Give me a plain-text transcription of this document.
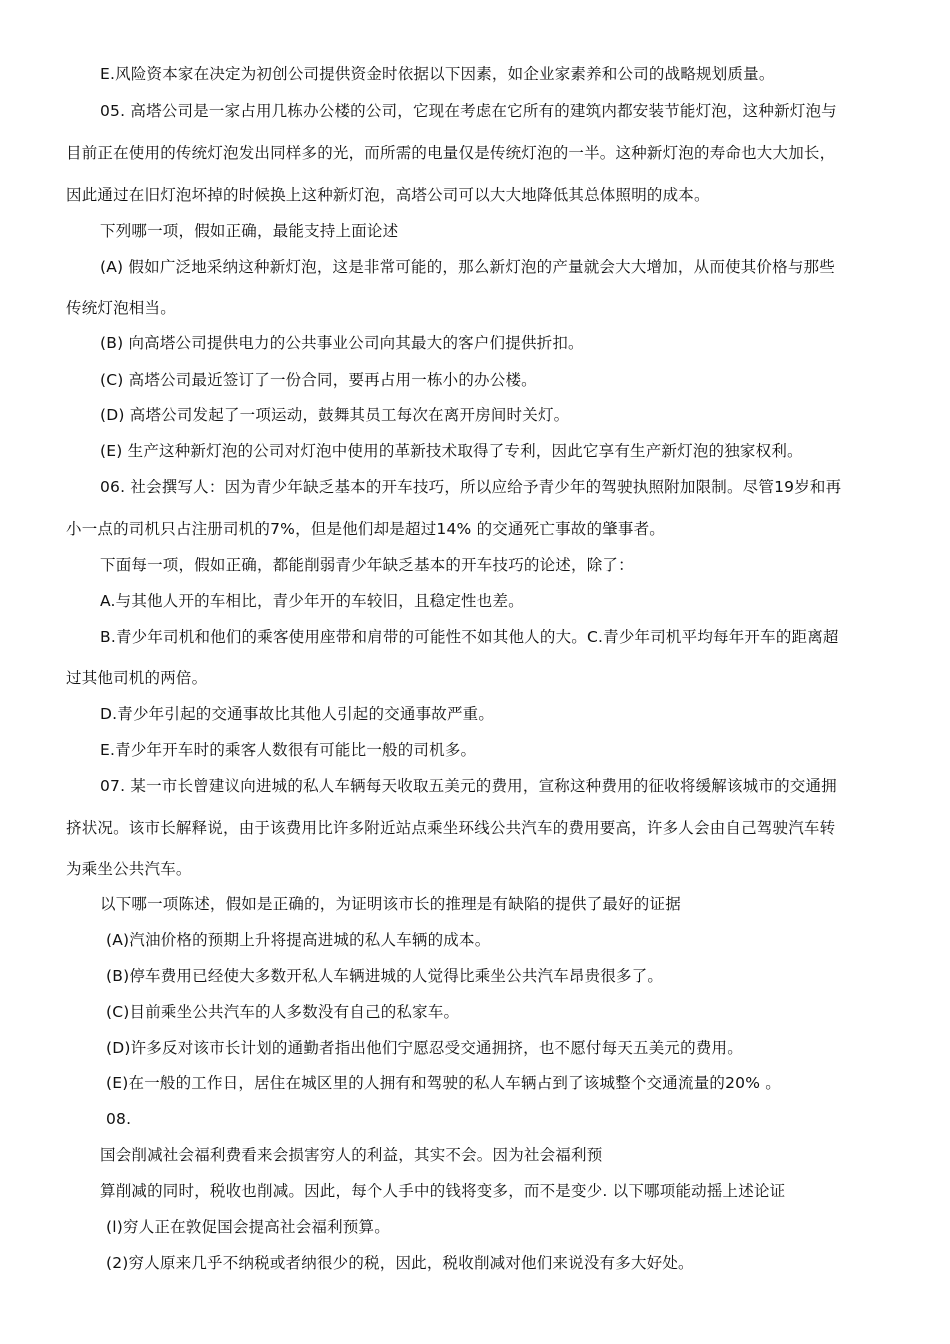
E.风险资本家在决定为初创公司提供资金时依据以下因素，如企业家素养和公司的战略规划质量。
05. 高塔公司是一家占用几栋办公楼的公司，它现在考虑在它所有的建筑内都安装节能灯泡，这种新灯泡与
目前正在使用的传统灯泡发出同样多的光，而所需的电量仅是传统灯泡的一半。这种新灯泡的寿命也大大加长，
因此通过在旧灯泡坏掉的时候换上这种新灯泡，高塔公司可以大大地降低其总体照明的成本。
下列哪一项，假如正确，最能支持上面论述
(A) 假如广泛地采纳这种新灯泡，这是非常可能的，那么新灯泡的产量就会大大增加，从而使其价格与那些
传统灯泡相当。
(B) 向高塔公司提供电力的公共事业公司向其最大的客户们提供折扣。
(C) 高塔公司最近签订了一份合同，要再占用一栋小的办公楼。
(D) 高塔公司发起了一项运动，鼓舞其员工每次在离开房间时关灯。
(E) 生产这种新灯泡的公司对灯泡中使用的革新技术取得了专利，因此它享有生产新灯泡的独家权利。
06. 社会撰写人：因为青少年缺乏基本的开车技巧，所以应给予青少年的驾驶执照附加限制。尽管19岁和再
小一点的司机只占注册司机的7%，但是他们却是超过14% 的交通死亡事故的肇事者。
下面每一项，假如正确，都能削弱青少年缺乏基本的开车技巧的论述，除了：
A.与其他人开的车相比，青少年开的车较旧，且稳定性也差。
B.青少年司机和他们的乘客使用座带和肩带的可能性不如其他人的大。C.青少年司机平均每年开车的距离超
过其他司机的两倍。
D.青少年引起的交通事故比其他人引起的交通事故严重。
E.青少年开车时的乘客人数很有可能比一般的司机多。
07. 某一市长曾建议向进城的私人车辆每天收取五美元的费用，宣称这种费用的征收将缓解该城市的交通拥
挤状况。该市长解释说，由于该费用比许多附近站点乘坐环线公共汽车的费用要高，许多人会由自己驾驶汽车转
为乘坐公共汽车。
以下哪一项陈述，假如是正确的，为证明该市长的推理是有缺陷的提供了最好的证据
(A)汽油价格的预期上升将提高进城的私人车辆的成本。
(B)停车费用已经使大多数开私人车辆进城的人觉得比乘坐公共汽车昂贵很多了。
(C)目前乘坐公共汽车的人多数没有自己的私家车。
(D)许多反对该市长计划的通勤者指出他们宁愿忍受交通拥挤，也不愿付每天五美元的费用。
(E)在一般的工作日，居住在城区里的人拥有和驾驶的私人车辆占到了该城整个交通流量的20% 。
08.
国会削减社会福利费看来会损害穷人的利益，其实不会。因为社会福利预
算削减的同时，税收也削减。因此，每个人手中的钱将变多，而不是变少. 以下哪项能动摇上述论证
(l)穷人正在敦促国会提高社会福利预算。
(2)穷人原来几乎不纳税或者纳很少的税，因此，税收削减对他们来说没有多大好处。
